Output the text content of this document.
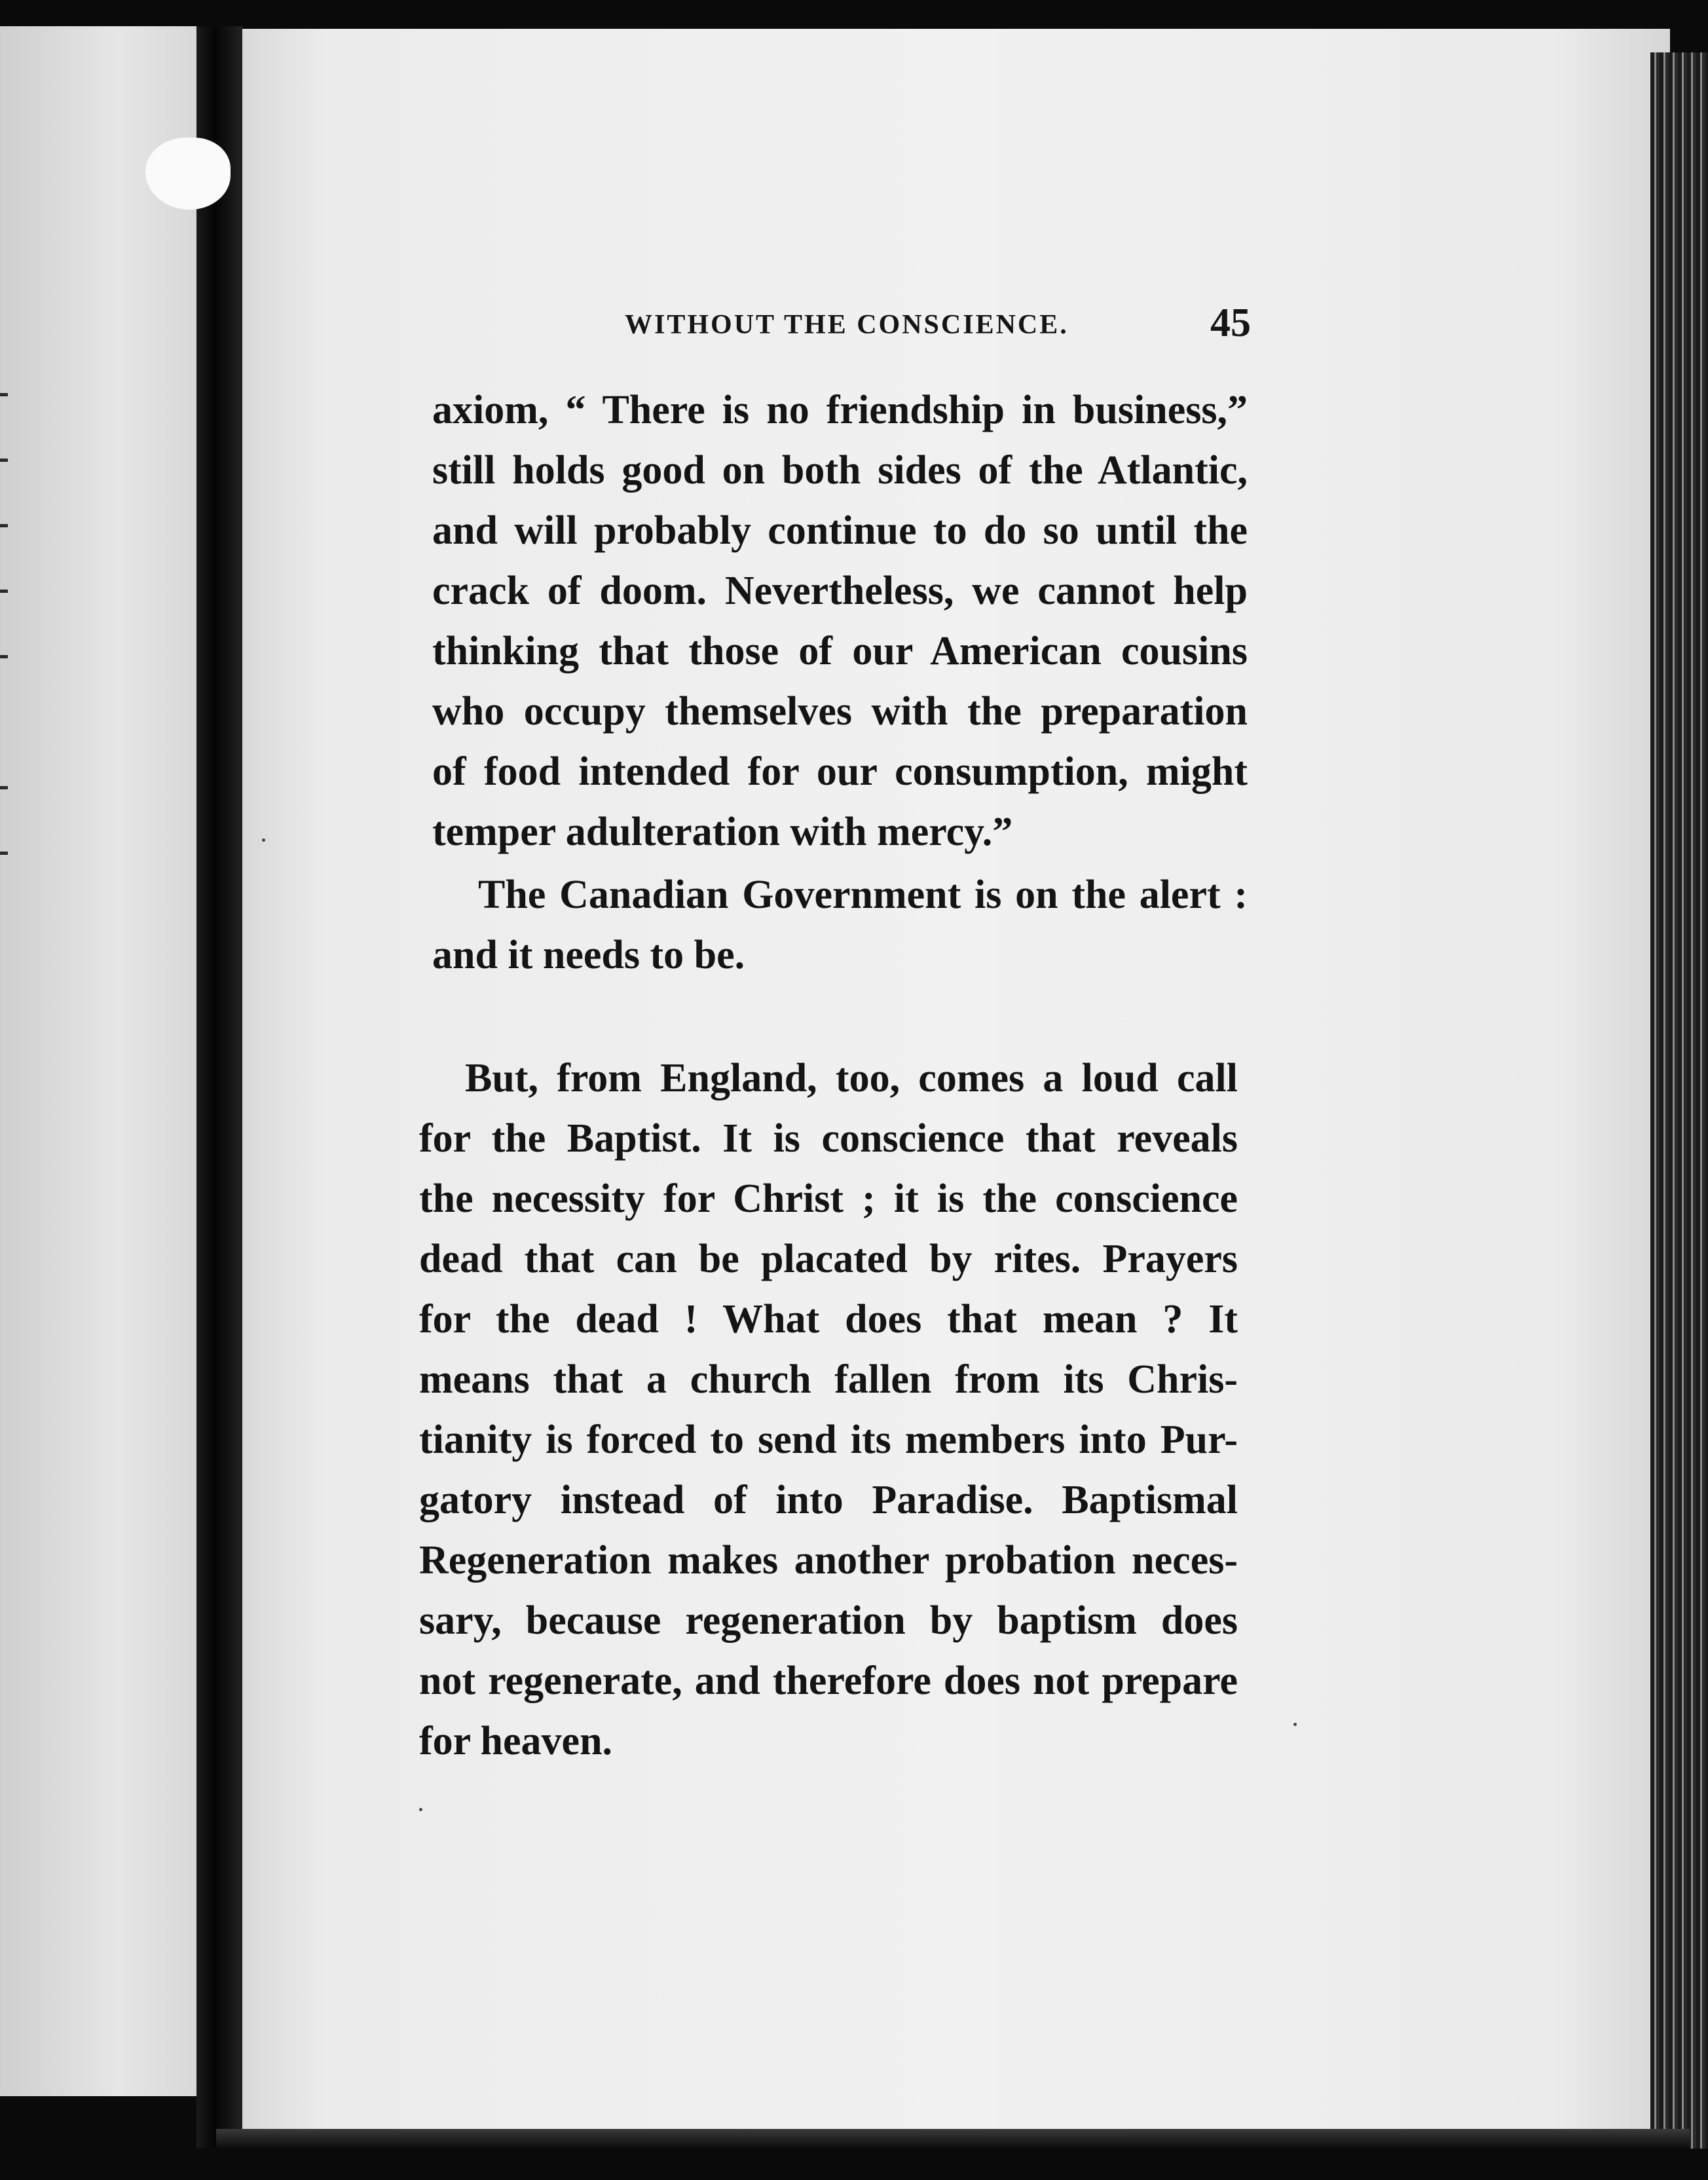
WITHOUT THE CONSCIENCE.	45
axiom, “ There is no friendship in business,”
still holds good on both sides of the Atlantic,
and will probably continue to do so until the
crack of doom. Nevertheless, we cannot help
thinking that those of our American cousins
who occupy themselves with the preparation
of food intended for our consumption, might
temper adulteration with mercy.”
The Canadian Government is on the alert :
and it needs to be.
But, from England, too, comes a loud call
for the Baptist. It is conscience that reveals
the necessity for Christ ; it is the conscience
dead that can be placated by rites. Prayers
for the dead ! What does that mean ? It
means that a church fallen from its Chris-
tianity is forced to send its members into Pur-
gatory instead of into Paradise. Baptismal
Regeneration makes another probation neces-
sary, because regeneration by baptism does
not regenerate, and therefore does not prepare
for heaven.
